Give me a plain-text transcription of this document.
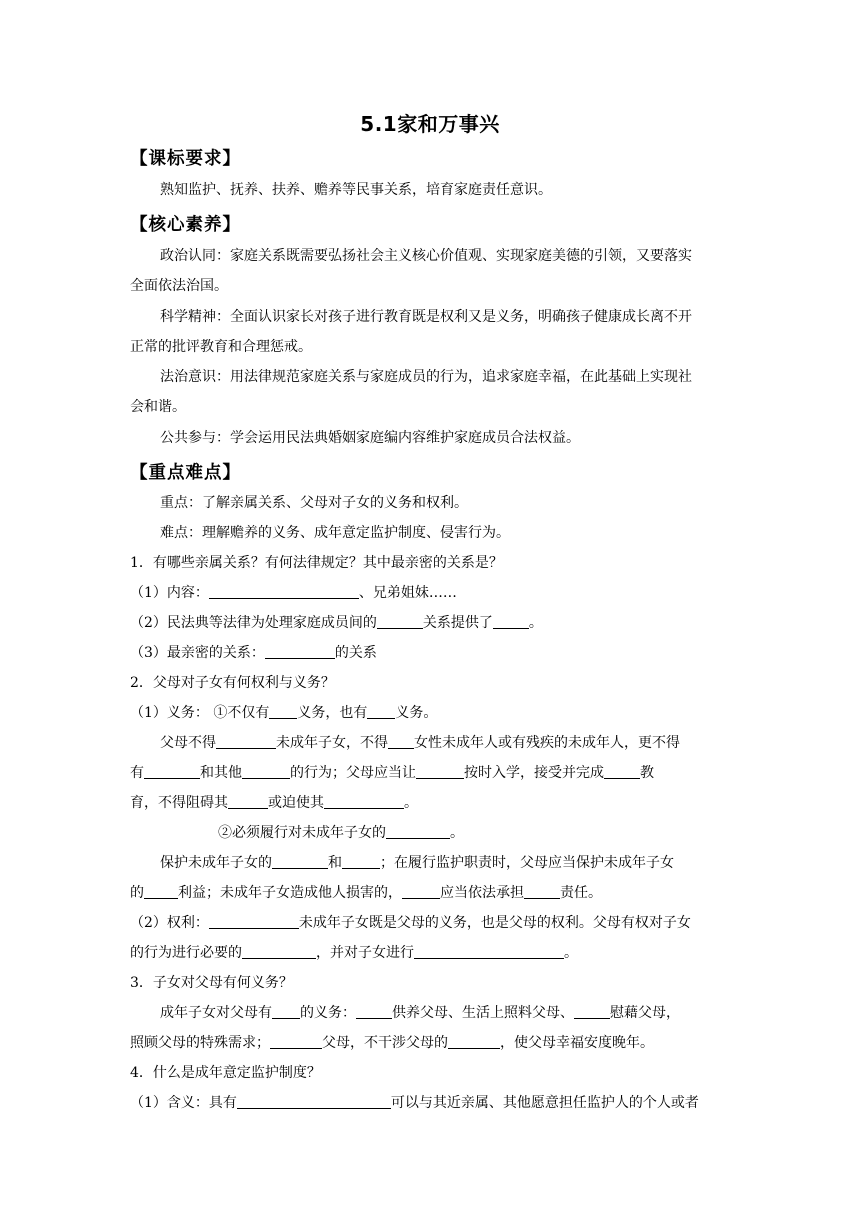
5.1家和万事兴
【课标要求】
熟知监护、抚养、扶养、赡养等民事关系，培育家庭责任意识。
【核心素养】
政治认同：家庭关系既需要弘扬社会主义核心价值观、实现家庭美德的引领，又要落实
全面依法治国。
科学精神：全面认识家长对孩子进行教育既是权利又是义务，明确孩子健康成长离不开
正常的批评教育和合理惩戒。
法治意识：用法律规范家庭关系与家庭成员的行为，追求家庭幸福，在此基础上实现社
会和谐。
公共参与：学会运用民法典婚姻家庭编内容维护家庭成员合法权益。
【重点难点】
重点：了解亲属关系、父母对子女的义务和权利。
难点：理解赡养的义务、成年意定监护制度、侵害行为。
1．有哪些亲属关系？有何法律规定？其中最亲密的关系是？
（1）内容：	、兄弟姐妹……
（2）民法典等法律为处理家庭成员间的	关系提供了	。
（3）最亲密的关系：	的关系
2．父母对子女有何权利与义务？
（1）义务： ①不仅有 义务，也有 义务。
父母不得	未成年子女，不得 女性未成年人或有残疾的未成年人，更不得
有	和其他	的行为；父母应当让	按时入学，接受并完成	教
育，不得阻碍其	或迫使其	。
②必须履行对未成年子女的	。
保护未成年子女的	和	；在履行监护职责时，父母应当保护未成年子女
的 利益；未成年子女造成他人损害的，	应当依法承担	责任。
（2）权利：	未成年子女既是父母的义务，也是父母的权利。父母有权对子女
的行为进行必要的	，并对子女进行	。
3．子女对父母有何义务？
成年子女对父母有 的义务：	供养父母、生活上照料父母、	慰藉父母，
照顾父母的特殊需求；	父母，不干涉父母的	，使父母幸福安度晚年。
4．什么是成年意定监护制度？
（1）含义：具有	可以与其近亲属、其他愿意担任监护人的个人或者
